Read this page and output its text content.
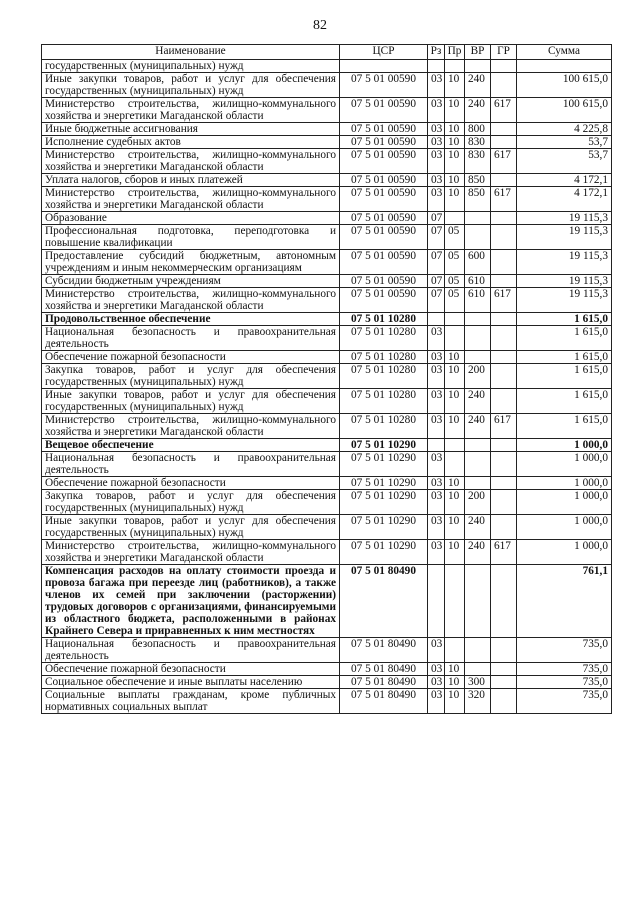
82
Наименование	ЦСР	Рз	Пр	ВР	ГР	Сумма
государственных (муниципальных) нужд						
Иные закупки товаров, работ и услуг для обеспечения государственных (муниципальных) нужд	07 5 01 00590	03	10	240		100 615,0
Министерство строительства, жилищно-коммунального хозяйства и энергетики Магаданской области	07 5 01 00590	03	10	240	617	100 615,0
Иные бюджетные ассигнования	07 5 01 00590	03	10	800		4 225,8
Исполнение судебных актов	07 5 01 00590	03	10	830		53,7
Министерство строительства, жилищно-коммунального хозяйства и энергетики Магаданской области	07 5 01 00590	03	10	830	617	53,7
Уплата налогов, сборов и иных платежей	07 5 01 00590	03	10	850		4 172,1
Министерство строительства, жилищно-коммунального хозяйства и энергетики Магаданской области	07 5 01 00590	03	10	850	617	4 172,1
Образование	07 5 01 00590	07				19 115,3
Профессиональная подготовка, переподготовка и повышение квалификации	07 5 01 00590	07	05			19 115,3
Предоставление субсидий бюджетным, автономным учреждениям и иным некоммерческим организациям	07 5 01 00590	07	05	600		19 115,3
Субсидии бюджетным учреждениям	07 5 01 00590	07	05	610		19 115,3
Министерство строительства, жилищно-коммунального хозяйства и энергетики Магаданской области	07 5 01 00590	07	05	610	617	19 115,3
Продовольственное обеспечение	07 5 01 10280					1 615,0
Национальная безопасность и правоохранительная деятельность	07 5 01 10280	03				1 615,0
Обеспечение пожарной безопасности	07 5 01 10280	03	10			1 615,0
Закупка товаров, работ и услуг для обеспечения государственных (муниципальных) нужд	07 5 01 10280	03	10	200		1 615,0
Иные закупки товаров, работ и услуг для обеспечения государственных (муниципальных) нужд	07 5 01 10280	03	10	240		1 615,0
Министерство строительства, жилищно-коммунального хозяйства и энергетики Магаданской области	07 5 01 10280	03	10	240	617	1 615,0
Вещевое обеспечение	07 5 01 10290					1 000,0
Национальная безопасность и правоохранительная деятельность	07 5 01 10290	03				1 000,0
Обеспечение пожарной безопасности	07 5 01 10290	03	10			1 000,0
Закупка товаров, работ и услуг для обеспечения государственных (муниципальных) нужд	07 5 01 10290	03	10	200		1 000,0
Иные закупки товаров, работ и услуг для обеспечения государственных (муниципальных) нужд	07 5 01 10290	03	10	240		1 000,0
Министерство строительства, жилищно-коммунального хозяйства и энергетики Магаданской области	07 5 01 10290	03	10	240	617	1 000,0
Компенсация расходов на оплату стоимости проезда и провоза багажа при переезде лиц (работников), а также членов их семей при заключении (расторжении) трудовых договоров с организациями, финансируемыми из областного бюджета, расположенными в районах Крайнего Севера и приравненных к ним местностях	07 5 01 80490					761,1
Национальная безопасность и правоохранительная деятельность	07 5 01 80490	03				735,0
Обеспечение пожарной безопасности	07 5 01 80490	03	10			735,0
Социальное обеспечение и иные выплаты населению	07 5 01 80490	03	10	300		735,0
Социальные выплаты гражданам, кроме публичных нормативных социальных выплат	07 5 01 80490	03	10	320		735,0
